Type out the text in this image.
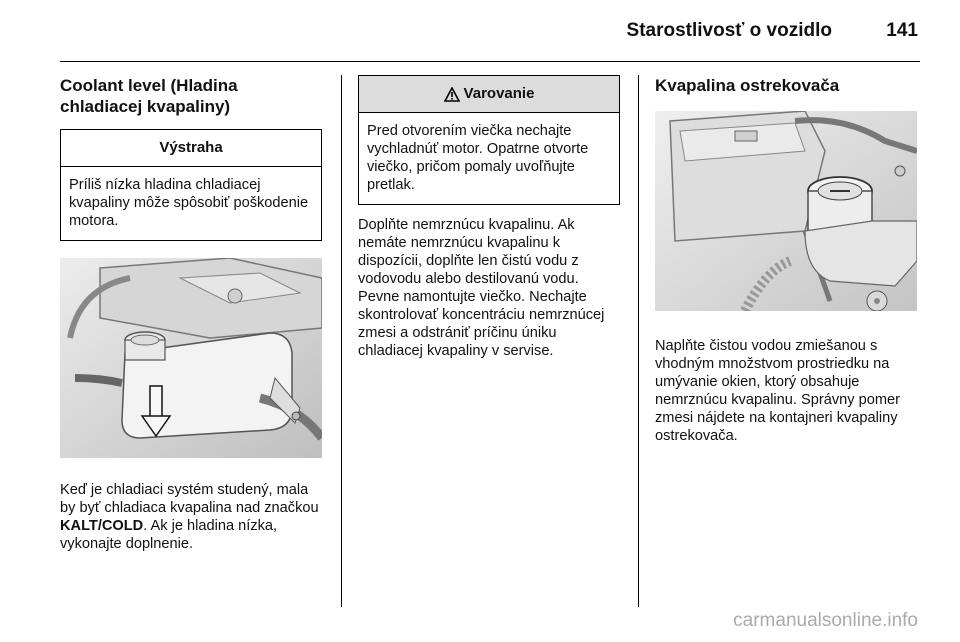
Starostlivosť o vozidlo	141
Coolant level (Hladina chladiacej kvapaliny)
Výstraha
Príliš nízka hladina chladiacej kvapaliny môže spôsobiť poškodenie motora.

Keď je chladiaci systém studený, mala by byť chladiaca kvapalina nad značkou KALT/COLD. Ak je hladina nízka, vykonajte doplnenie.

Varovanie
Pred otvorením viečka nechajte vychladnúť motor. Opatrne otvorte viečko, pričom pomaly uvoľňujte pretlak.

Doplňte nemrznúcu kvapalinu. Ak nemáte nemrznúcu kvapalinu k dispozícii, doplňte len čistú vodu z vodovodu alebo destilovanú vodu. Pevne namontujte viečko. Nechajte skontrolovať koncentráciu nemrznúcej zmesi a odstrániť príčinu úniku chladiacej kvapaliny v servise.

Kvapalina ostrekovača

Naplňte čistou vodou zmiešanou s vhodným množstvom prostriedku na umývanie okien, ktorý obsahuje nemrznúcu kvapalinu. Správny pomer zmesi nájdete na kontajneri kvapaliny ostrekovača.

carmanualsonline.info
